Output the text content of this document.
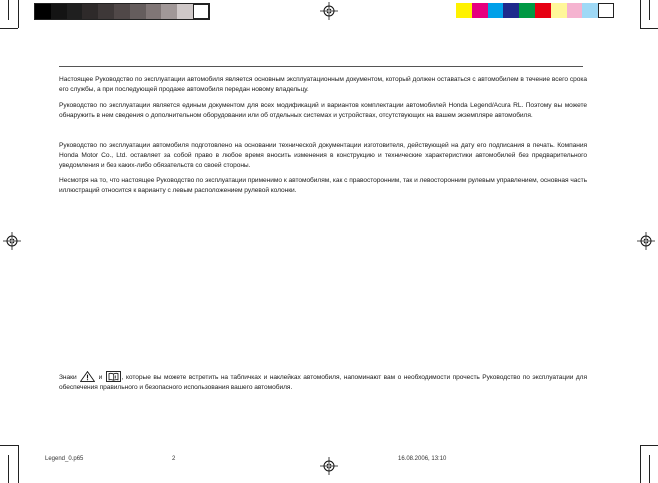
Настоящее Руководство по эксплуатации автомобиля является основным эксплуатационным документом, который должен оставаться с автомобилем в течение всего срока его службы, а при последующей продаже автомобиля передан новому владельцу.

Руководство по эксплуатации является единым документом для всех модификаций и вариантов комплектации автомобилей Honda Legend/Acura RL. Поэтому вы можете обнаружить в нем сведения о дополнительном оборудовании или об отдельных системах и устройствах, отсутствующих на вашем экземпляре автомобиля.

Руководство по эксплуатации автомобиля подготовлено на основании технической документации изготовителя, действующей на дату его подписания в печать. Компания Honda Motor Co., Ltd. оставляет за собой право в любое время вносить изменения в конструкцию и технические характеристики автомобилей без предварительного уведомления и без каких-либо обязательств со своей стороны.

Несмотря на то, что настоящее Руководство по эксплуатации применимо к автомобилям, как с правосторонним, так и левосторонним рулевым управлением, основная часть иллюстраций относится к варианту с левым расположением рулевой колонки.

Знаки	и	, которые вы можете встретить на табличках и наклейках автомобиля, напоминают вам о необходимости прочесть Руководство по эксплуатации для обеспечения правильного и безопасного использования вашего автомобиля.

Legend_0.p65	2	16.08.2006, 13:10
